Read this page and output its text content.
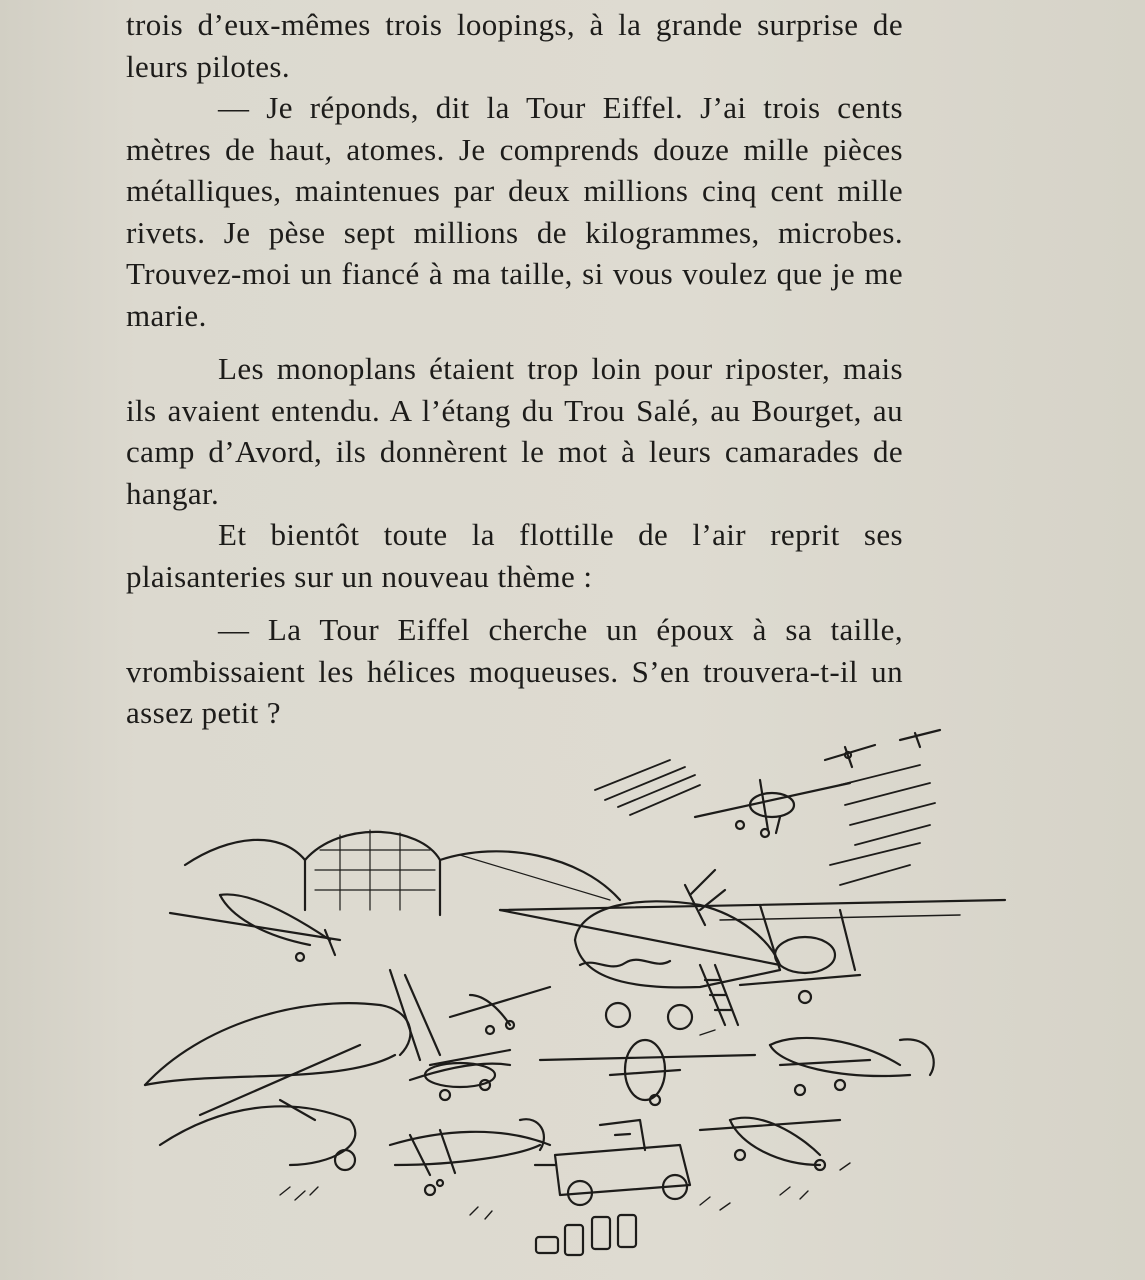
trois d’eux-mêmes trois loopings, à la grande surprise de leurs pilotes.

— Je réponds, dit la Tour Eiffel. J’ai trois cents mètres de haut, atomes. Je comprends douze mille pièces métalliques, maintenues par deux millions cinq cent mille rivets. Je pèse sept millions de kilogrammes, microbes. Trouvez-moi un fiancé à ma taille, si vous voulez que je me marie.

Les monoplans étaient trop loin pour riposter, mais ils avaient entendu. A l’étang du Trou Salé, au Bourget, au camp d’Avord, ils donnèrent le mot à leurs camarades de hangar.

Et bientôt toute la flottille de l’air reprit ses plaisanteries sur un nouveau thème :

— La Tour Eiffel cherche un époux à sa taille, vrombissaient les hélices moqueuses. S’en trouvera-t-il un assez petit ?
